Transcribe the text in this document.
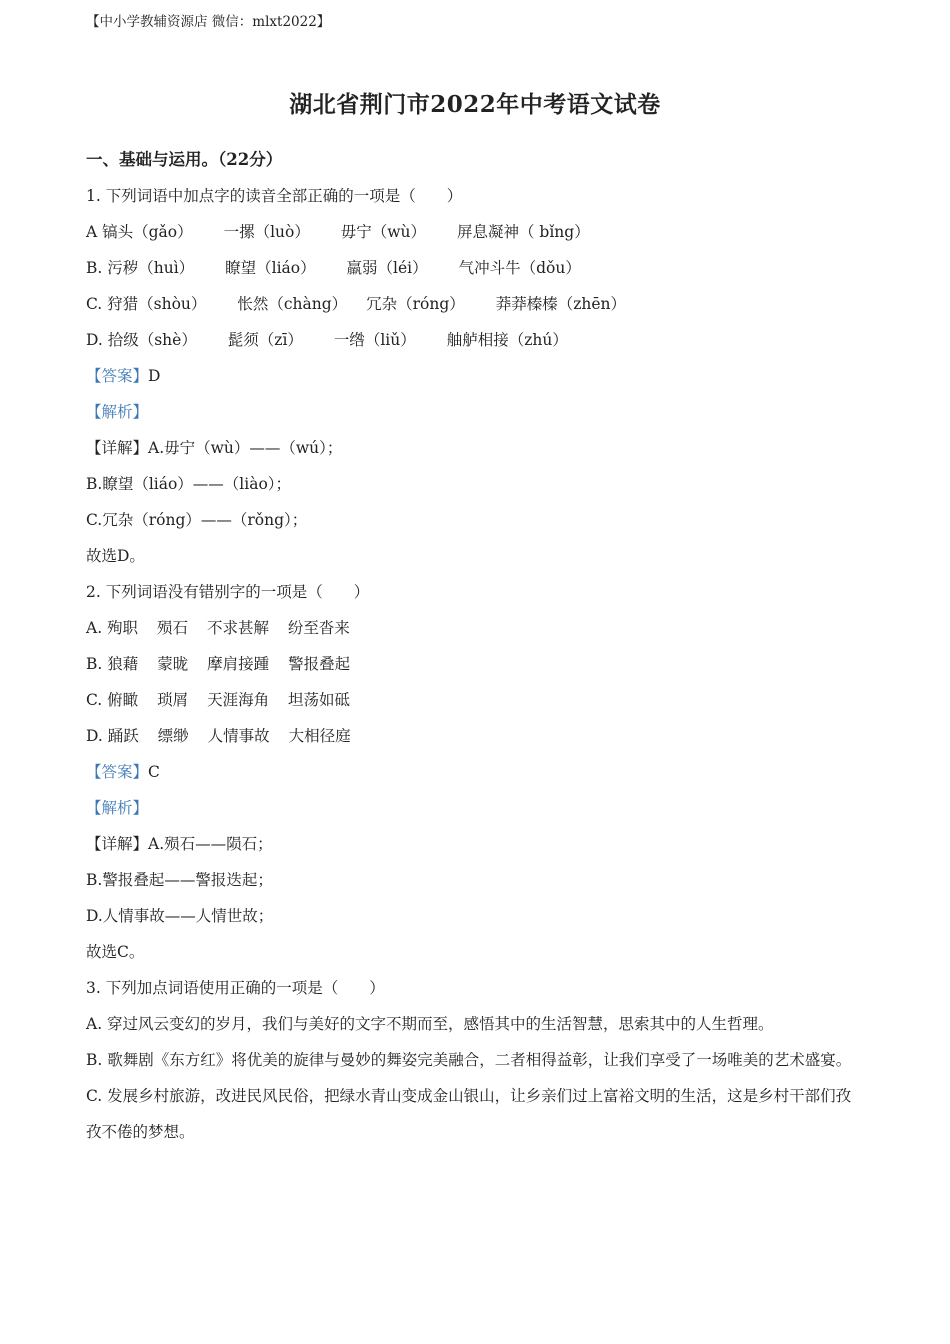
【中小学教辅资源店 微信：mlxt2022】
湖北省荆门市2022年中考语文试卷
一、基础与运用。（22分）
1. 下列词语中加点字的读音全部正确的一项是（　　）
A 镐头（gǎo） 一摞（luò） 毋宁（wù） 屏息凝神（ bǐng）
B. 污秽（huì） 瞭望（liáo） 羸弱（léi） 气冲斗牛（dǒu）
C. 狩猎（shòu） 怅然（chàng） 冗杂（róng） 莽莽榛榛（zhēn）
D. 拾级（shè） 髭须（zī） 一绺（liǔ） 舳舻相接（zhú）
【答案】D
【解析】
【详解】A.毋宁（wù）——（wú）；
B.瞭望（liáo）——（liào）；
C.冗杂（róng）——（rǒng）；
故选D。
2. 下列词语没有错别字的一项是（　　）
A. 殉职 殒石 不求甚解 纷至沓来
B. 狼藉 蒙昽 摩肩接踵 警报叠起
C. 俯瞰 琐屑 天涯海角 坦荡如砥
D. 踊跃 缥缈 人情事故 大相径庭
【答案】C
【解析】
【详解】A.殒石——陨石；
B.警报叠起——警报迭起；
D.人情事故——人情世故；
故选C。
3. 下列加点词语使用正确的一项是（　　）
A. 穿过风云变幻的岁月，我们与美好的文字不期而至，感悟其中的生活智慧，思索其中的人生哲理。
B. 歌舞剧《东方红》将优美的旋律与曼妙的舞姿完美融合，二者相得益彰，让我们享受了一场唯美的艺术盛宴。
C. 发展乡村旅游，改进民风民俗，把绿水青山变成金山银山，让乡亲们过上富裕文明的生活，这是乡村干部们孜孜不倦的梦想。
